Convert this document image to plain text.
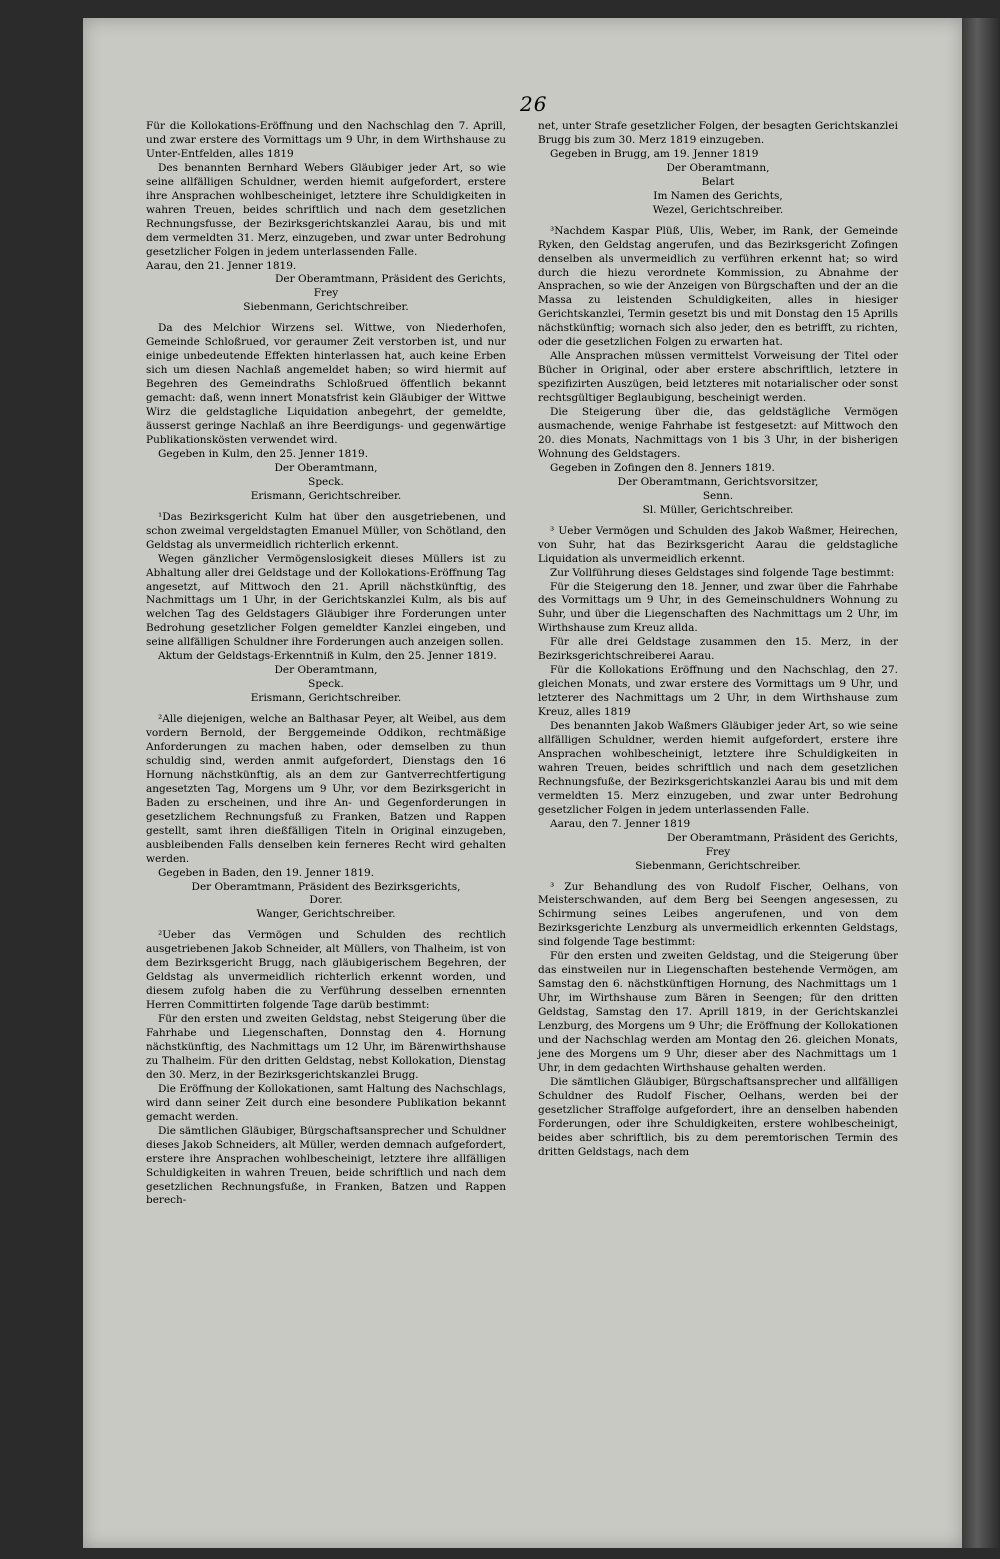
26

Für die Kollokations-Eröffnung und den Nachschlag den 7. Aprill, und zwar erstere des Vormittags um 9 Uhr, in dem Wirthshause zu Unter-Entfelden, alles 1819

Des benannten Bernhard Webers Gläubiger jeder Art, so wie seine allfälligen Schuldner, werden hiemit aufgefordert, erstere ihre Ansprachen wohlbescheiniget, letztere ihre Schuldigkeiten in wahren Treuen, beides schriftlich und nach dem gesetzlichen Rechnungsfusse, der Bezirksgerichtskanzlei Aarau, bis und mit dem vermeldten 31. Merz, einzugeben, und zwar unter Bedrohung gesetzlicher Folgen in jedem unterlassenden Falle.

Aarau, den 21. Jenner 1819.

Der Oberamtmann, Präsident des Gerichts,

Frey

Siebenmann, Gerichtschreiber.

Da des Melchior Wirzens sel. Wittwe, von Niederhofen, Gemeinde Schloßrued, vor geraumer Zeit verstorben ist, und nur einige unbedeutende Effekten hinterlassen hat, auch keine Erben sich um diesen Nachlaß angemeldet haben; so wird hiermit auf Begehren des Gemeindraths Schloßrued öffentlich bekannt gemacht: daß, wenn innert Monatsfrist kein Gläubiger der Wittwe Wirz die geldstagliche Liquidation anbegehrt, der gemeldte, äusserst geringe Nachlaß an ihre Beerdigungs- und gegenwärtige Publikationskösten verwendet wird.

Gegeben in Kulm, den 25. Jenner 1819.

Der Oberamtmann,

Speck.

Erismann, Gerichtschreiber.

¹Das Bezirksgericht Kulm hat über den ausgetriebenen, und schon zweimal vergeldstagten Emanuel Müller, von Schötland, den Geldstag als unvermeidlich richterlich erkennt.

Wegen gänzlicher Vermögenslosigkeit dieses Müllers ist zu Abhaltung aller drei Geldstage und der Kollokations-Eröffnung Tag angesetzt, auf Mittwoch den 21. Aprill nächstkünftig, des Nachmittags um 1 Uhr, in der Gerichtskanzlei Kulm, als bis auf welchen Tag des Geldstagers Gläubiger ihre Forderungen unter Bedrohung gesetzlicher Folgen gemeldter Kanzlei eingeben, und seine allfälligen Schuldner ihre Forderungen auch anzeigen sollen.

Aktum der Geldstags-Erkenntniß in Kulm, den 25. Jenner 1819.

Der Oberamtmann,

Speck.

Erismann, Gerichtschreiber.

²Alle diejenigen, welche an Balthasar Peyer, alt Weibel, aus dem vordern Bernold, der Berggemeinde Oddikon, rechtmäßige Anforderungen zu machen haben, oder demselben zu thun schuldig sind, werden anmit aufgefordert, Dienstags den 16 Hornung nächstkünftig, als an dem zur Gantverrechtfertigung angesetzten Tag, Morgens um 9 Uhr, vor dem Bezirksgericht in Baden zu erscheinen, und ihre An- und Gegenforderungen in gesetzlichem Rechnungsfuß zu Franken, Batzen und Rappen gestellt, samt ihren dießfälligen Titeln in Original einzugeben, ausbleibenden Falls denselben kein ferneres Recht wird gehalten werden.

Gegeben in Baden, den 19. Jenner 1819.

Der Oberamtmann, Präsident des Bezirksgerichts,

Dorer.

Wanger, Gerichtschreiber.

²Ueber das Vermögen und Schulden des rechtlich ausgetriebenen Jakob Schneider, alt Müllers, von Thalheim, ist von dem Bezirksgericht Brugg, nach gläubigerischem Begehren, der Geldstag als unvermeidlich richterlich erkennt worden, und diesem zufolg haben die zu Verführung desselben ernennten Herren Committirten folgende Tage darüb bestimmt:

Für den ersten und zweiten Geldstag, nebst Steigerung über die Fahrhabe und Liegenschaften, Donnstag den 4. Hornung nächstkünftig, des Nachmittags um 12 Uhr, im Bärenwirthshause zu Thalheim. Für den dritten Geldstag, nebst Kollokation, Dienstag den 30. Merz, in der Bezirksgerichtskanzlei Brugg.

Die Eröffnung der Kollokationen, samt Haltung des Nachschlags, wird dann seiner Zeit durch eine besondere Publikation bekannt gemacht werden.

Die sämtlichen Gläubiger, Bürgschaftsansprecher und Schuldner dieses Jakob Schneiders, alt Müller, werden demnach aufgefordert, erstere ihre Ansprachen wohlbescheinigt, letztere ihre allfälligen Schuldigkeiten in wahren Treuen, beide schriftlich und nach dem gesetzlichen Rechnungsfuße, in Franken, Batzen und Rappen berech-

net, unter Strafe gesetzlicher Folgen, der besagten Gerichtskanzlei Brugg bis zum 30. Merz 1819 einzugeben.

Gegeben in Brugg, am 19. Jenner 1819

Der Oberamtmann,

Belart

Im Namen des Gerichts,

Wezel, Gerichtschreiber.

³Nachdem Kaspar Plüß, Ulis, Weber, im Rank, der Gemeinde Ryken, den Geldstag angerufen, und das Bezirksgericht Zofingen denselben als unvermeidlich zu verführen erkennt hat; so wird durch die hiezu verordnete Kommission, zu Abnahme der Ansprachen, so wie der Anzeigen von Bürgschaften und der an die Massa zu leistenden Schuldigkeiten, alles in hiesiger Gerichtskanzlei, Termin gesetzt bis und mit Donstag den 15 Aprills nächstkünftig; wornach sich also jeder, den es betrifft, zu richten, oder die gesetzlichen Folgen zu erwarten hat.

Alle Ansprachen müssen vermittelst Vorweisung der Titel oder Bücher in Original, oder aber erstere abschriftlich, letztere in spezifizirten Auszügen, beid letzteres mit notarialischer oder sonst rechtsgültiger Beglaubigung, bescheinigt werden.

Die Steigerung über die, das geldstägliche Vermögen ausmachende, wenige Fahrhabe ist festgesetzt: auf Mittwoch den 20. dies Monats, Nachmittags von 1 bis 3 Uhr, in der bisherigen Wohnung des Geldstagers.

Gegeben in Zofingen den 8. Jenners 1819.

Der Oberamtmann, Gerichtsvorsitzer,

Senn.

Sl. Müller, Gerichtschreiber.

³ Ueber Vermögen und Schulden des Jakob Waßmer, Heirechen, von Suhr, hat das Bezirksgericht Aarau die geldstagliche Liquidation als unvermeidlich erkennt.

Zur Vollführung dieses Geldstages sind folgende Tage bestimmt:

Für die Steigerung den 18. Jenner, und zwar über die Fahrhabe des Vormittags um 9 Uhr, in des Gemeinschuldners Wohnung zu Suhr, und über die Liegenschaften des Nachmittags um 2 Uhr, im Wirthshause zum Kreuz allda.

Für alle drei Geldstage zusammen den 15. Merz, in der Bezirksgerichtschreiberei Aarau.

Für die Kollokations Eröffnung und den Nachschlag, den 27. gleichen Monats, und zwar erstere des Vormittags um 9 Uhr, und letzterer des Nachmittags um 2 Uhr, in dem Wirthshause zum Kreuz, alles 1819

Des benannten Jakob Waßmers Gläubiger jeder Art, so wie seine allfälligen Schuldner, werden hiemit aufgefordert, erstere ihre Ansprachen wohlbescheinigt, letztere ihre Schuldigkeiten in wahren Treuen, beides schriftlich und nach dem gesetzlichen Rechnungsfuße, der Bezirksgerichtskanzlei Aarau bis und mit dem vermeldten 15. Merz einzugeben, und zwar unter Bedrohung gesetzlicher Folgen in jedem unterlassenden Falle.

Aarau, den 7. Jenner 1819

Der Oberamtmann, Präsident des Gerichts,

Frey

Siebenmann, Gerichtschreiber.

³ Zur Behandlung des von Rudolf Fischer, Oelhans, von Meisterschwanden, auf dem Berg bei Seengen angesessen, zu Schirmung seines Leibes angerufenen, und von dem Bezirksgerichte Lenzburg als unvermeidlich erkennten Geldstags, sind folgende Tage bestimmt:

Für den ersten und zweiten Geldstag, und die Steigerung über das einstweilen nur in Liegenschaften bestehende Vermögen, am Samstag den 6. nächstkünftigen Hornung, des Nachmittags um 1 Uhr, im Wirthshause zum Bären in Seengen; für den dritten Geldstag, Samstag den 17. Aprill 1819, in der Gerichtskanzlei Lenzburg, des Morgens um 9 Uhr; die Eröffnung der Kollokationen und der Nachschlag werden am Montag den 26. gleichen Monats, jene des Morgens um 9 Uhr, dieser aber des Nachmittags um 1 Uhr, in dem gedachten Wirthshause gehalten werden.

Die sämtlichen Gläubiger, Bürgschaftsansprecher und allfälligen Schuldner des Rudolf Fischer, Oelhans, werden bei der gesetzlicher Straffolge aufgefordert, ihre an denselben habenden Forderungen, oder ihre Schuldigkeiten, erstere wohlbescheinigt, beides aber schriftlich, bis zu dem peremtorischen Termin des dritten Geldstags, nach dem
